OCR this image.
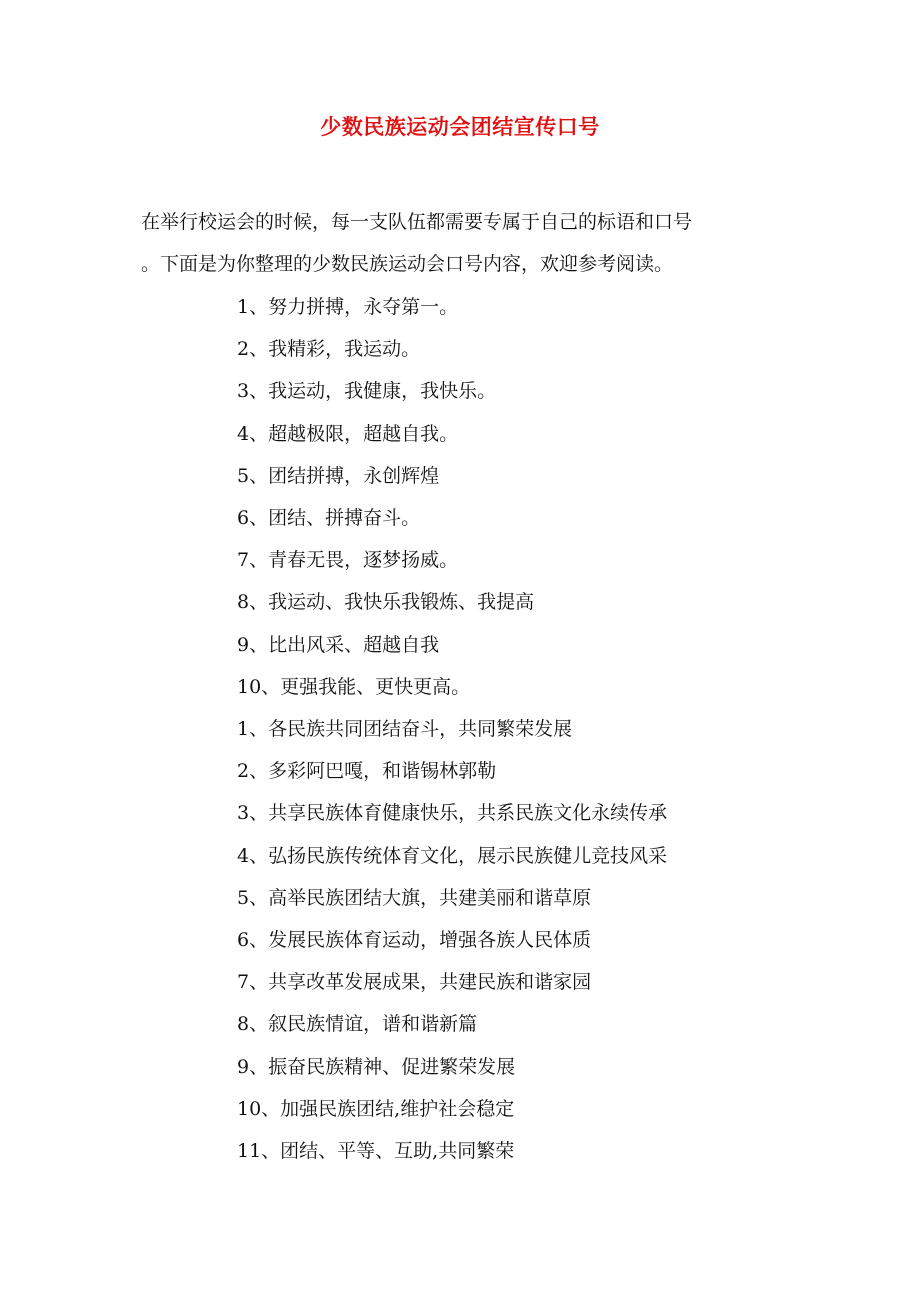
少数民族运动会团结宣传口号

在举行校运会的时候，每一支队伍都需要专属于自己的标语和口号
。下面是为你整理的少数民族运动会口号内容，欢迎参考阅读。

1、努力拼搏，永夺第一。
2、我精彩，我运动。
3、我运动，我健康，我快乐。
4、超越极限，超越自我。
5、团结拼搏，永创辉煌
6、团结、拼搏奋斗。
7、青春无畏，逐梦扬威。
8、我运动、我快乐我锻炼、我提高
9、比出风采、超越自我
10、更强我能、更快更高。
1、各民族共同团结奋斗，共同繁荣发展
2、多彩阿巴嘎，和谐锡林郭勒
3、共享民族体育健康快乐，共系民族文化永续传承
4、弘扬民族传统体育文化，展示民族健儿竞技风采
5、高举民族团结大旗，共建美丽和谐草原
6、发展民族体育运动，增强各族人民体质
7、共享改革发展成果，共建民族和谐家园
8、叙民族情谊，谱和谐新篇
9、振奋民族精神、促进繁荣发展
10、加强民族团结,维护社会稳定
11、团结、平等、互助,共同繁荣
